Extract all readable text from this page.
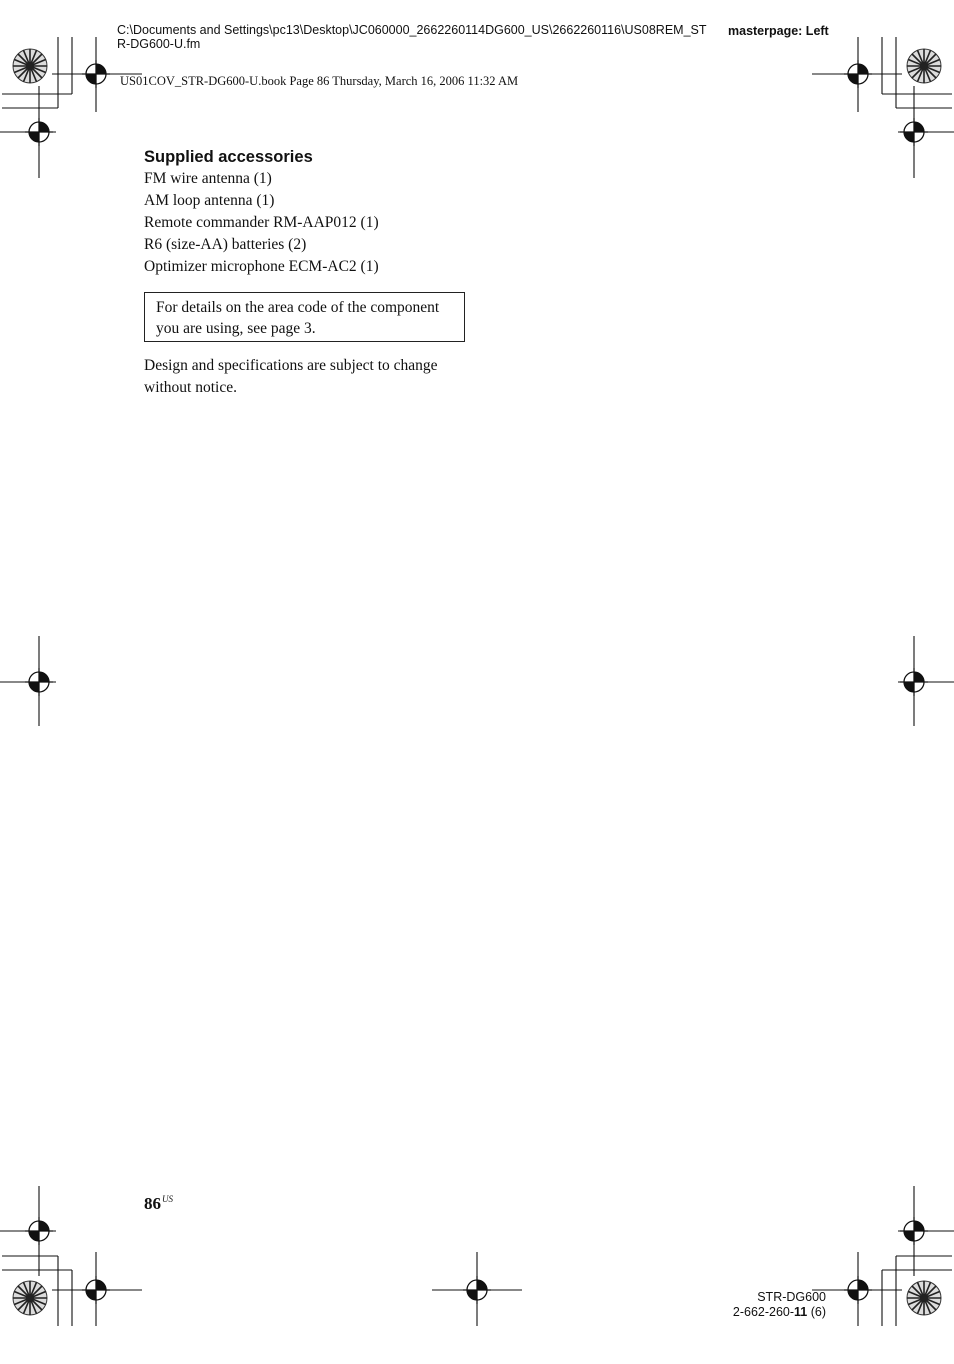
C:\Documents and Settings\pc13\Desktop\JC060000_2662260114DG600_US\2662260116\US08REM_STR-DG600-U.fm
masterpage: Left
US01COV_STR-DG600-U.book Page 86 Thursday, March 16, 2006 11:32 AM
Supplied accessories
FM wire antenna (1)
AM loop antenna (1)
Remote commander RM-AAP012 (1)
R6 (size-AA) batteries (2)
Optimizer microphone ECM-AC2 (1)
For details on the area code of the component you are using, see page 3.
Design and specifications are subject to change without notice.
$86^{US}$
STR-DG600
2-662-260-11 (6)
